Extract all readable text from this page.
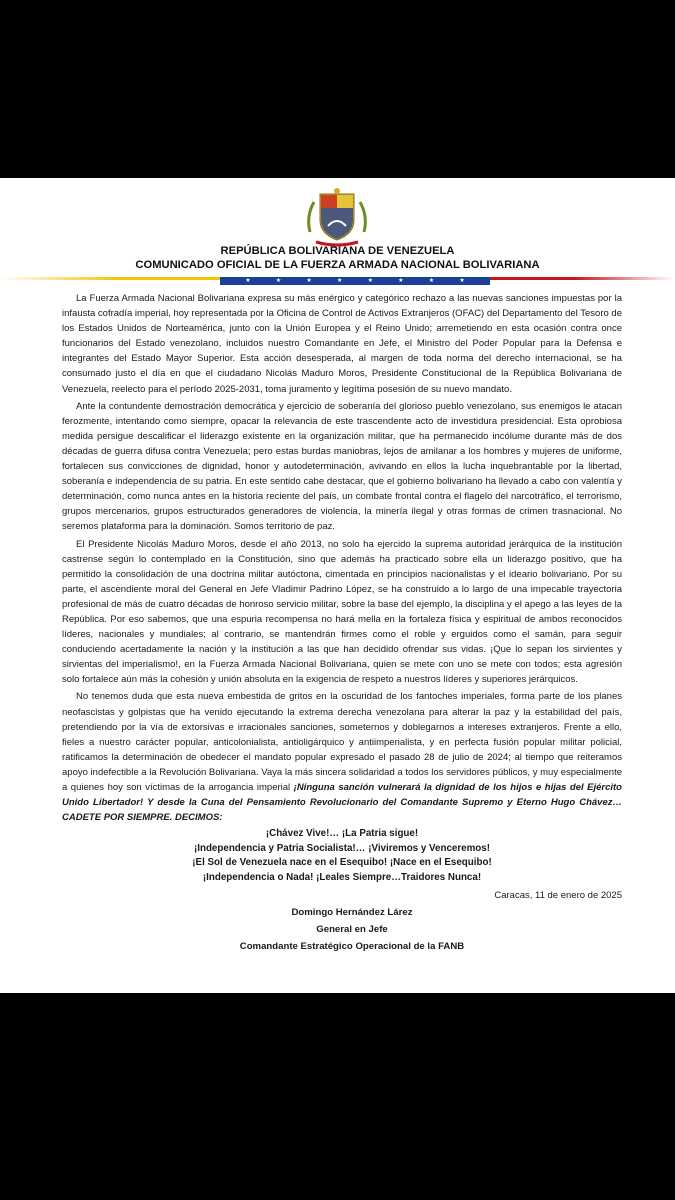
REPÚBLICA BOLIVARIANA DE VENEZUELA
COMUNICADO OFICIAL DE LA FUERZA ARMADA NACIONAL BOLIVARIANA
★	★	★	★	★	★	★	★

La Fuerza Armada Nacional Bolivariana expresa su más enérgico y categórico rechazo a las nuevas sanciones impuestas por la infausta cofradía imperial, hoy representada por la Oficina de Control de Activos Extranjeros (OFAC) del Departamento del Tesoro de los Estados Unidos de Norteamérica, junto con la Unión Europea y el Reino Unido; arremetiendo en esta ocasión contra once funcionarios del Estado venezolano, incluidos nuestro Comandante en Jefe, el Ministro del Poder Popular para la Defensa e integrantes del Estado Mayor Superior. Esta acción desesperada, al margen de toda norma del derecho internacional, se ha consumado justo el día en que el ciudadano Nicolás Maduro Moros, Presidente Constitucional de la República Bolivariana de Venezuela, reelecto para el período 2025-2031, toma juramento y legítima posesión de su nuevo mandato.

Ante la contundente demostración democrática y ejercicio de soberanía del glorioso pueblo venezolano, sus enemigos le atacan ferozmente, intentando como siempre, opacar la relevancia de este trascendente acto de investidura presidencial. Esta oprobiosa medida persigue descalificar el liderazgo existente en la organización militar, que ha permanecido incólume durante más de dos décadas de guerra difusa contra Venezuela; pero estas burdas maniobras, lejos de amilanar a los hombres y mujeres de uniforme, fortalecen sus convicciones de dignidad, honor y autodeterminación, avivando en ellos la lucha inquebrantable por la libertad, soberanía e independencia de su patria. En este sentido cabe destacar, que el gobierno bolivariano ha llevado a cabo con valentía y determinación, como nunca antes en la historia reciente del país, un combate frontal contra el flagelo del narcotráfico, el terrorismo, grupos mercenarios, grupos estructurados generadores de violencia, la minería ilegal y otras formas de crimen trasnacional. No seremos plataforma para la dominación. Somos territorio de paz.

El Presidente Nicolás Maduro Moros, desde el año 2013, no solo ha ejercido la suprema autoridad jerárquica de la institución castrense según lo contemplado en la Constitución, sino que además ha practicado sobre ella un liderazgo positivo, que ha permitido la consolidación de una doctrina militar autóctona, cimentada en principios nacionalistas y el ideario bolivariano. Por su parte, el ascendiente moral del General en Jefe Vladimir Padrino López, se ha construido a lo largo de una impecable trayectoria profesional de más de cuatro décadas de honroso servicio militar, sobre la base del ejemplo, la disciplina y el apego a las leyes de la República. Por eso sabemos, que una espuria recompensa no hará mella en la fortaleza física y espiritual de ambos reconocidos líderes, nacionales y mundiales; al contrario, se mantendrán firmes como el roble y erguidos como el samán, para seguir conduciendo acertadamente la nación y la institución a las que han decidido ofrendar sus vidas. ¡Que lo sepan los sirvientes y sirvientas del imperialismo!, en la Fuerza Armada Nacional Bolivariana, quien se mete con uno se mete con todos; esta agresión solo fortalece aún más la cohesión y unión absoluta en la exigencia de respeto a nuestros líderes y superiores jerárquicos.

No tenemos duda que esta nueva embestida de gritos en la oscuridad de los fantoches imperiales, forma parte de los planes neofascistas y golpistas que ha venido ejecutando la extrema derecha venezolana para alterar la paz y la estabilidad del país, pretendiendo por la vía de extorsivas e irracionales sanciones, someternos y doblegarnos a intereses extranjeros. Frente a ello, fieles a nuestro carácter popular, anticolonialista, antioligárquico y antiimperialista, y en perfecta fusión popular militar policial, ratificamos la determinación de obedecer el mandato popular expresado el pasado 28 de julio de 2024; al tiempo que reiteramos apoyo indefectible a la Revolución Bolivariana. Vaya la más sincera solidaridad a todos los servidores públicos, y muy especialmente a quienes hoy son víctimas de la arrogancia imperial ¡Ninguna sanción vulnerará la dignidad de los hijos e hijas del Ejército Unido Libertador! Y desde la Cuna del Pensamiento Revolucionario del Comandante Supremo y Eterno Hugo Chávez… CADETE POR SIEMPRE. DECIMOS:

¡Chávez Vive!… ¡La Patria sigue!
¡Independencia y Patria Socialista!… ¡Viviremos y Venceremos!
¡El Sol de Venezuela nace en el Esequibo! ¡Nace en el Esequibo!
¡Independencia o Nada! ¡Leales Siempre…Traidores Nunca!
Caracas, 11 de enero de 2025
Domingo Hernández Lárez
General en Jefe
Comandante Estratégico Operacional de la FANB
